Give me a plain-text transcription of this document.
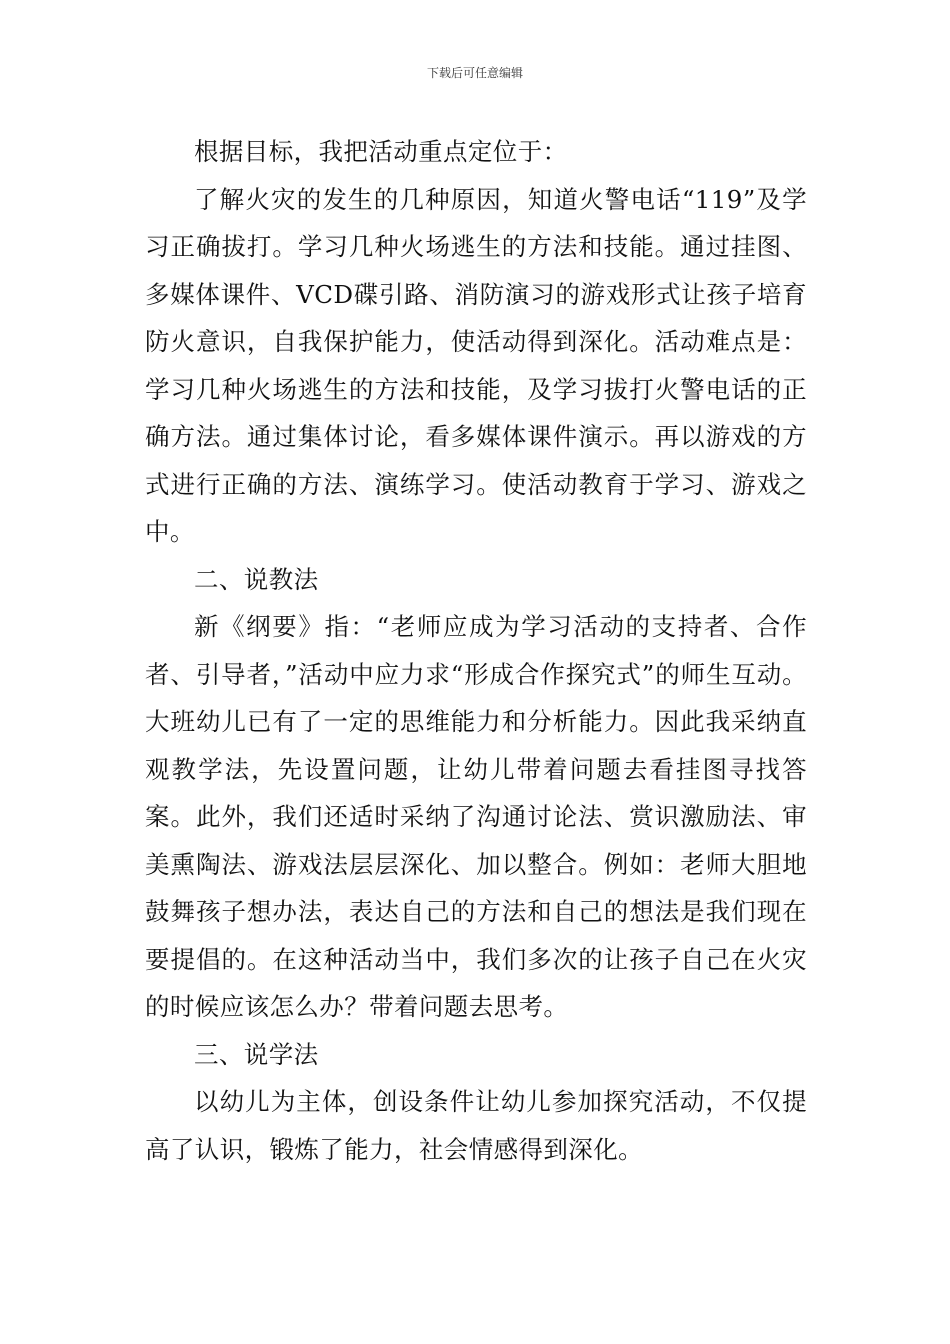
下载后可任意编辑

根据目标，我把活动重点定位于：

了解火灾的发生的几种原因，知道火警电话“119”及学习正确拔打。学习几种火场逃生的方法和技能。通过挂图、多媒体课件、VCD碟引路、消防演习的游戏形式让孩子培育防火意识，自我保护能力，使活动得到深化。活动难点是：学习几种火场逃生的方法和技能，及学习拔打火警电话的正确方法。通过集体讨论，看多媒体课件演示。再以游戏的方式进行正确的方法、演练学习。使活动教育于学习、游戏之中。

二、说教法

新《纲要》指：“老师应成为学习活动的支持者、合作者、引导者，”活动中应力求“形成合作探究式”的师生互动。大班幼儿已有了一定的思维能力和分析能力。因此我采纳直观教学法，先设置问题，让幼儿带着问题去看挂图寻找答案。此外，我们还适时采纳了沟通讨论法、赏识激励法、审美熏陶法、游戏法层层深化、加以整合。例如：老师大胆地鼓舞孩子想办法，表达自己的方法和自己的想法是我们现在要提倡的。在这种活动当中，我们多次的让孩子自己在火灾的时候应该怎么办？带着问题去思考。

三、说学法

以幼儿为主体，创设条件让幼儿参加探究活动，不仅提高了认识，锻炼了能力，社会情感得到深化。
